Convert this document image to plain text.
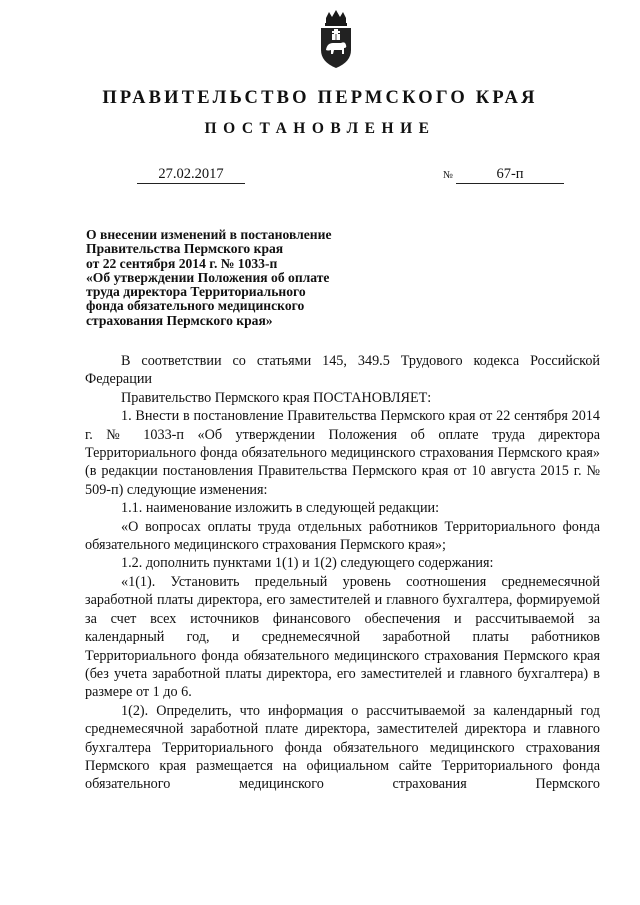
ПРАВИТЕЛЬСТВО ПЕРМСКОГО КРАЯ
ПОСТАНОВЛЕНИЕ
27.02.2017	№	67-п
О внесении изменений в постановление
Правительства Пермского края
от 22 сентября 2014 г. № 1033-п
«Об утверждении Положения об оплате
труда директора Территориального
фонда обязательного медицинского
страхования Пермского края»

В соответствии со статьями 145, 349.5 Трудового кодекса Российской Федерации

Правительство Пермского края ПОСТАНОВЛЯЕТ:

1. Внести в постановление Правительства Пермского края от 22 сентября 2014 г. № 1033-п «Об утверждении Положения об оплате труда директора Территориального фонда обязательного медицинского страхования Пермского края» (в редакции постановления Правительства Пермского края от 10 августа 2015 г. № 509-п) следующие изменения:

1.1. наименование изложить в следующей редакции:

«О вопросах оплаты труда отдельных работников Территориального фонда обязательного медицинского страхования Пермского края»;

1.2. дополнить пунктами 1(1) и 1(2) следующего содержания:

«1(1). Установить предельный уровень соотношения среднемесячной заработной платы директора, его заместителей и главного бухгалтера, формируемой за счет всех источников финансового обеспечения и рассчитываемой за календарный год, и среднемесячной заработной платы работников Территориального фонда обязательного медицинского страхования Пермского края (без учета заработной платы директора, его заместителей и главного бухгалтера) в размере от 1 до 6.

1(2). Определить, что информация о рассчитываемой за календарный год среднемесячной заработной плате директора, заместителей директора и главного бухгалтера Территориального фонда обязательного медицинского страхования Пермского края размещается на официальном сайте Территориального фонда обязательного медицинского страхования Пермского
